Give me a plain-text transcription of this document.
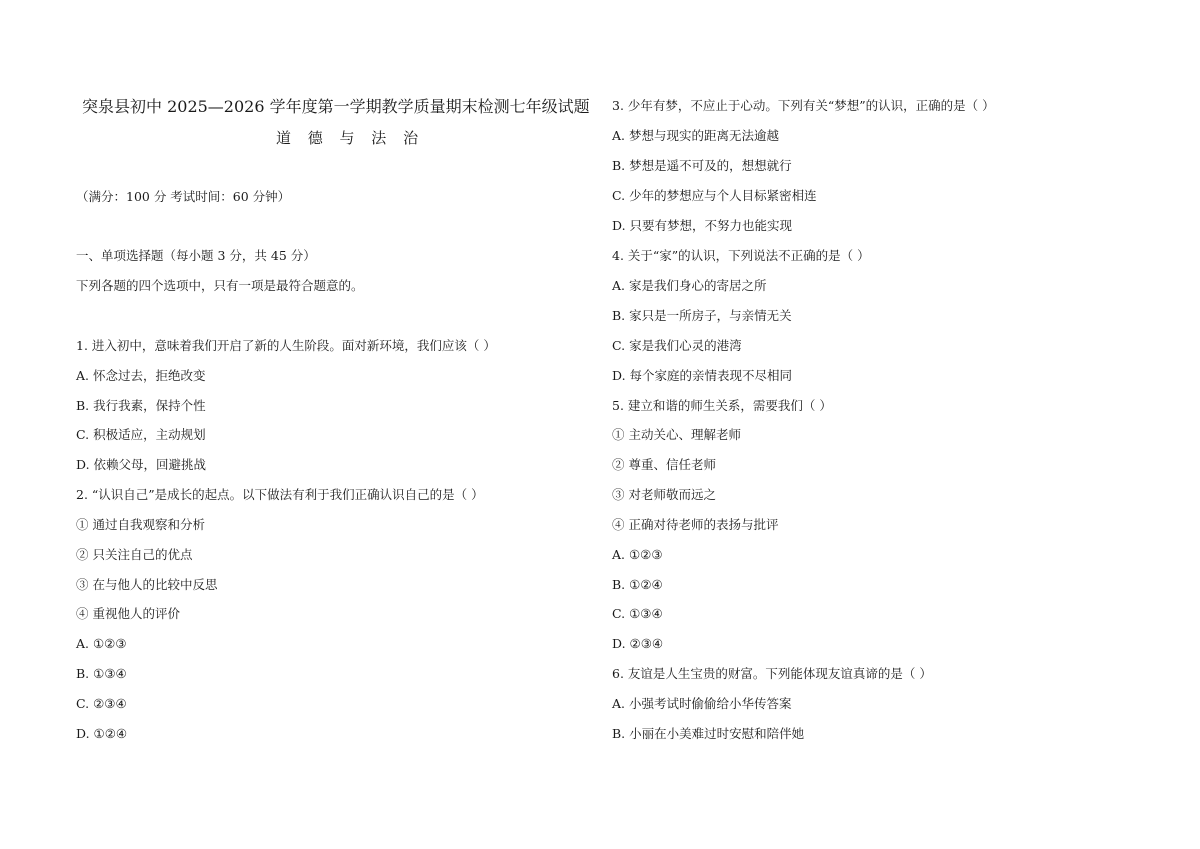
突泉县初中 2025—2026 学年度第一学期教学质量期末检测七年级试题
道 德 与 法 治
（满分：100 分 考试时间：60 分钟）
一、单项选择题（每小题 3 分，共 45 分）
下列各题的四个选项中，只有一项是最符合题意的。
1. 进入初中，意味着我们开启了新的人生阶段。面对新环境，我们应该（ ）
A. 怀念过去，拒绝改变
B. 我行我素，保持个性
C. 积极适应，主动规划
D. 依赖父母，回避挑战
2. “认识自己”是成长的起点。以下做法有利于我们正确认识自己的是（ ）
① 通过自我观察和分析
② 只关注自己的优点
③ 在与他人的比较中反思
④ 重视他人的评价
A. ①②③
B. ①③④
C. ②③④
D. ①②④
3. 少年有梦，不应止于心动。下列有关“梦想”的认识，正确的是（ ）
A. 梦想与现实的距离无法逾越
B. 梦想是遥不可及的，想想就行
C. 少年的梦想应与个人目标紧密相连
D. 只要有梦想，不努力也能实现
4. 关于“家”的认识，下列说法不正确的是（ ）
A. 家是我们身心的寄居之所
B. 家只是一所房子，与亲情无关
C. 家是我们心灵的港湾
D. 每个家庭的亲情表现不尽相同
5. 建立和谐的师生关系，需要我们（ ）
① 主动关心、理解老师
② 尊重、信任老师
③ 对老师敬而远之
④ 正确对待老师的表扬与批评
A. ①②③
B. ①②④
C. ①③④
D. ②③④
6. 友谊是人生宝贵的财富。下列能体现友谊真谛的是（ ）
A. 小强考试时偷偷给小华传答案
B. 小丽在小美难过时安慰和陪伴她
